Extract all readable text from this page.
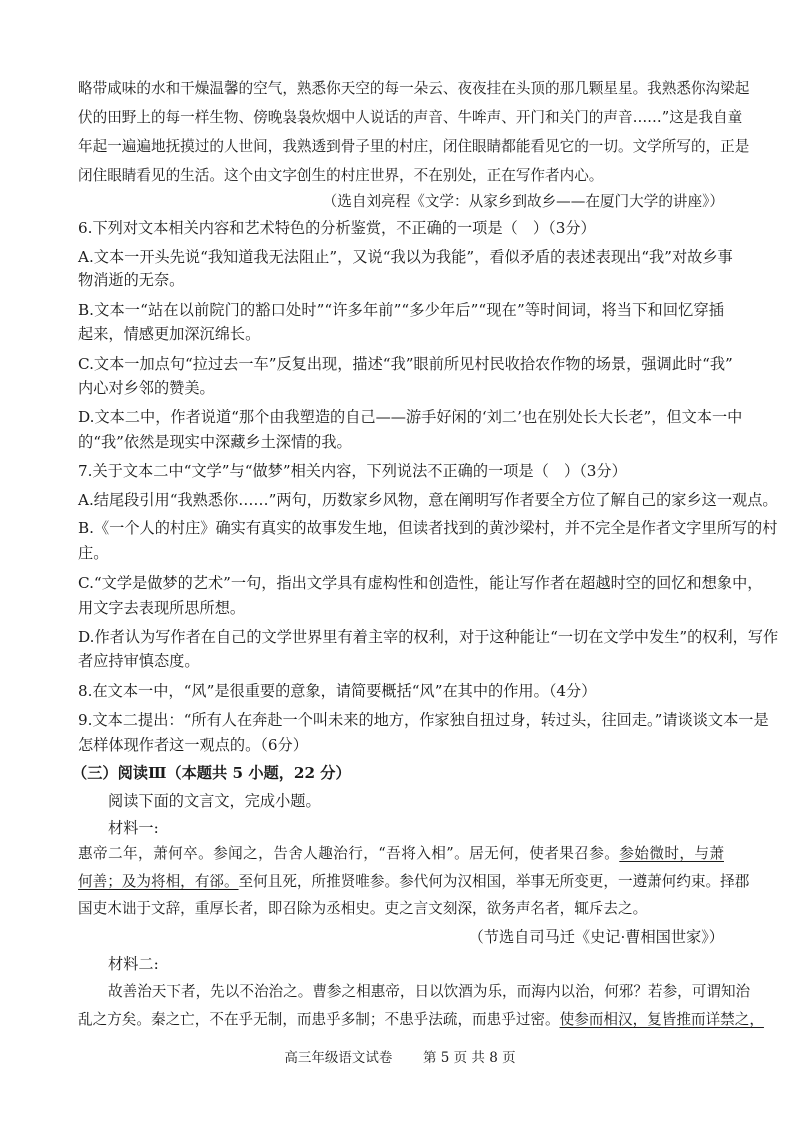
略带咸味的水和干燥温馨的空气，熟悉你天空的每一朵云、夜夜挂在头顶的那几颗星星。我熟悉你沟梁起
伏的田野上的每一样生物、傍晚袅袅炊烟中人说话的声音、牛哞声、开门和关门的声音……”这是我自童
年起一遍遍地抚摸过的人世间，我熟透到骨子里的村庄，闭住眼睛都能看见它的一切。文学所写的，正是
闭住眼睛看见的生活。这个由文字创生的村庄世界，不在别处，正在写作者内心。
（选自刘亮程《文学：从家乡到故乡——在厦门大学的讲座》）
6.下列对文本相关内容和艺术特色的分析鉴赏，不正确的一项是（　）（3分）
A.文本一开头先说“我知道我无法阻止”，又说“我以为我能”，看似矛盾的表述表现出“我”对故乡事
物消逝的无奈。
B.文本一“站在以前院门的豁口处时”“许多年前”“多少年后”“现在”等时间词，将当下和回忆穿插
起来，情感更加深沉绵长。
C.文本一加点句“拉过去一车”反复出现，描述“我”眼前所见村民收拾农作物的场景，强调此时“我”
内心对乡邻的赞美。
D.文本二中，作者说道“那个由我塑造的自己——游手好闲的‘刘二’也在别处长大长老”，但文本一中
的“我”依然是现实中深藏乡土深情的我。
7.关于文本二中“文学”与“做梦”相关内容，下列说法不正确的一项是（　）（3分）
A.结尾段引用“我熟悉你……”两句，历数家乡风物，意在阐明写作者要全方位了解自己的家乡这一观点。
B.《一个人的村庄》确实有真实的故事发生地，但读者找到的黄沙梁村，并不完全是作者文字里所写的村
庄。
C.“文学是做梦的艺术”一句，指出文学具有虚构性和创造性，能让写作者在超越时空的回忆和想象中，
用文字去表现所思所想。
D.作者认为写作者在自己的文学世界里有着主宰的权利，对于这种能让“一切在文学中发生”的权利，写作
者应持审慎态度。
8.在文本一中，“风”是很重要的意象，请简要概括“风”在其中的作用。（4分）
9.文本二提出：“所有人在奔赴一个叫未来的地方，作家独自扭过身，转过头，往回走。”请谈谈文本一是
怎样体现作者这一观点的。（6分）
（三）阅读Ⅲ（本题共 5 小题，22 分）
阅读下面的文言文，完成小题。
材料一:
惠帝二年，萧何卒。参闻之，告舍人趣治行，“吾将入相”。居无何，使者果召参。参始微时，与萧
何善；及为将相，有郤。至何且死，所推贤唯参。参代何为汉相国，举事无所变更，一遵萧何约束。择郡
国吏木诎于文辞，重厚长者，即召除为丞相史。吏之言文刻深，欲务声名者，辄斥去之。
（节选自司马迁《史记·曹相国世家》）
材料二:
故善治天下者，先以不治治之。曹参之相惠帝，日以饮酒为乐，而海内以治，何邪？若参，可谓知治
乱之方矣。秦之亡，不在乎无制，而患乎多制；不患乎法疏，而患乎过密。使参而相汉，复皆推而详禁之，
高三年级语文试卷 第 5 页 共 8 页
